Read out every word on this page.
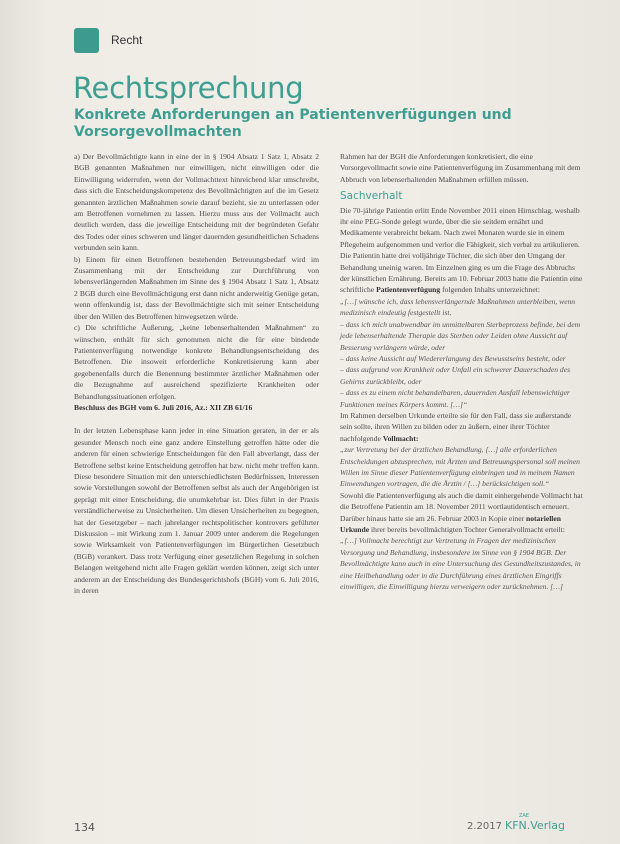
Recht
Rechtsprechung
Konkrete Anforderungen an Patientenverfügungen und Vorsorgevollmachten

a) Der Bevollmächtigte kann in eine der in § 1904 Absatz 1 Satz 1, Absatz 2 BGB genannten Maßnahmen nur einwilligen, nicht einwilligen oder die Einwilligung widerrufen, wenn der Vollmachttext hinreichend klar umschreibt, dass sich die Entscheidungskompetenz des Bevollmächtigten auf die im Gesetz genannten ärztlichen Maßnahmen sowie darauf bezieht, sie zu unterlassen oder am Betroffenen vornehmen zu lassen. Hierzu muss aus der Vollmacht auch deutlich werden, dass die jeweilige Entscheidung mit der begründeten Gefahr des Todes oder eines schweren und länger dauernden gesundheitlichen Schadens verbunden sein kann.

b) Einem für einen Betroffenen bestehenden Betreuungsbedarf wird im Zusammenhang mit der Entscheidung zur Durchführung von lebensverlängernden Maßnahmen im Sinne des § 1904 Absatz 1 Satz 1, Absatz 2 BGB durch eine Bevollmächtigung erst dann nicht anderweitig Genüge getan, wenn offenkundig ist, dass der Bevollmächtigte sich mit seiner Entscheidung über den Willen des Betroffenen hinwegsetzen würde.

c) Die schriftliche Äußerung, „keine lebenserhaltenden Maßnahmen“ zu wünschen, enthält für sich genommen nicht die für eine bindende Patientenverfügung notwendige konkrete Behandlungsentscheidung des Betroffenen. Die insoweit erforderliche Konkretisierung kann aber gegebenenfalls durch die Benennung bestimmter ärztlicher Maßnahmen oder die Bezugnahme auf ausreichend spezifizierte Krankheiten oder Behandlungssituationen erfolgen.

Beschluss des BGH vom 6. Juli 2016, Az.: XII ZB 61/16

In der letzten Lebensphase kann jeder in eine Situation geraten, in der er als gesunder Mensch noch eine ganz andere Einstellung getroffen hätte oder die anderen für einen schwierige Entscheidungen für den Fall abverlangt, dass der Betroffene selbst keine Entscheidung getroffen hat bzw. nicht mehr treffen kann. Diese besondere Situation mit den unterschiedlichsten Bedürfnissen, Interessen sowie Vorstellungen sowohl der Betroffenen selbst als auch der Angehörigen ist geprägt mit einer Entscheidung, die unumkehrbar ist. Dies führt in der Praxis verständlicherweise zu Unsicherheiten. Um diesen Unsicherheiten zu begegnen, hat der Gesetzgeber – nach jahrelanger rechtspolitischer kontrovers geführter Diskussion – mit Wirkung zum 1. Januar 2009 unter anderem die Regelungen sowie Wirksamkeit von Patientenverfügungen im Bürgerlichen Gesetzbuch (BGB) verankert. Dass trotz Verfügung einer gesetzlichen Regelung in solchen Belangen weitgehend nicht alle Fragen geklärt werden können, zeigt sich unter anderem an der Entscheidung des Bundesgerichtshofs (BGH) vom 6. Juli 2016, in deren

Rahmen hat der BGH die Anforderungen konkretisiert, die eine Vorsorgevollmacht sowie eine Patientenverfügung im Zusammenhang mit dem Abbruch von lebenserhaltenden Maßnahmen erfüllen müssen.

Sachverhalt

Die 70-jährige Patientin erlitt Ende November 2011 einen Hirnschlag, weshalb ihr eine PEG-Sonde gelegt wurde, über die sie seitdem ernährt und Medikamente verabreicht bekam. Nach zwei Monaten wurde sie in einem Pflegeheim aufgenommen und verlor die Fähigkeit, sich verbal zu artikulieren. Die Patientin hatte drei volljährige Töchter, die sich über den Umgang der Behandlung uneinig waren. Im Einzelnen ging es um die Frage des Abbruchs der künstlichen Ernährung. Bereits am 10. Februar 2003 hatte die Patientin eine schriftliche Patientenverfügung folgenden Inhalts unterzeichnet:

„[…] wünsche ich, dass lebensverlängernde Maßnahmen unterbleiben, wenn medizinisch eindeutig festgestellt ist,

– dass ich mich unabwendbar im unmittelbaren Sterbeprozess befinde, bei dem jede lebenserhaltende Therapie das Sterben oder Leiden ohne Aussicht auf Besserung verlängern würde, oder

– dass keine Aussicht auf Wiedererlangung des Bewusstseins besteht, oder

– dass aufgrund von Krankheit oder Unfall ein schwerer Dauerschaden des Gehirns zurückbleibt, oder

– dass es zu einem nicht behandelbaren, dauernden Ausfall lebenswichtiger Funktionen meines Körpers kommt. […]“

Im Rahmen derselben Urkunde erteilte sie für den Fall, dass sie außerstande sein sollte, ihren Willen zu bilden oder zu äußern, einer ihrer Töchter nachfolgende Vollmacht:

„zur Vertretung bei der ärztlichen Behandlung, […] alle erforderlichen Entscheidungen abzusprechen, mit Ärzten und Betreuungspersonal soll meinen Willen im Sinne dieser Patientenverfügung einbringen und in meinem Namen Einwendungen vortragen, die die Ärztin / […] berücksichtigen soll.“

Sowohl die Patientenverfügung als auch die damit einhergehende Vollmacht hat die Betroffene Patientin am 18. November 2011 wortlautidentisch erneuert.

Darüber hinaus hatte sie am 26. Februar 2003 in Kopie einer notariellen Urkunde ihrer bereits bevollmächtigten Tochter Generalvollmacht erteilt:

„[…] Vollmacht berechtigt zur Vertretung in Fragen der medizinischen Versorgung und Behandlung, insbesondere im Sinne von § 1904 BGB. Der Bevollmächtigte kann auch in eine Untersuchung des Gesundheitszustandes, in eine Heilbehandlung oder in die Durchführung eines ärztlichen Eingriffs einwilligen, die Einwilligung hierzu verweigern oder zurücknehmen. […]

134	2.2017
ZAE
KFN.Verlag
